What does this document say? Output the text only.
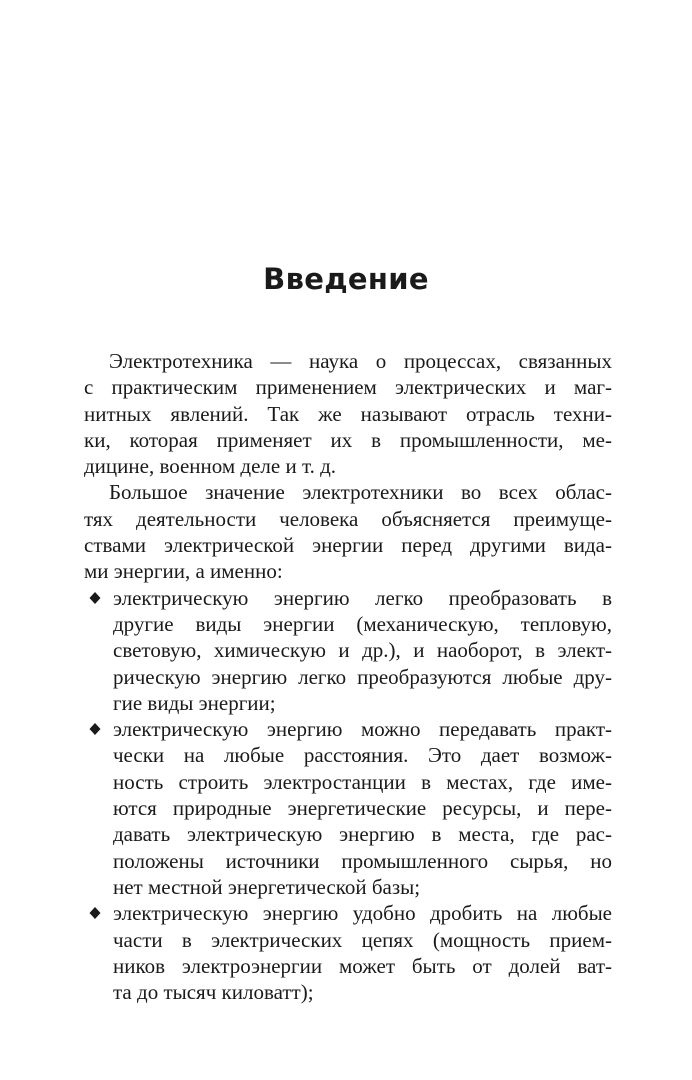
Введение
Электротехника — наука о процессах, связанных
с практическим применением электрических и маг-
нитных явлений. Так же называют отрасль техни-
ки, которая применяет их в промышленности, ме-
дицине, военном деле и т. д.
Большое значение электротехники во всех облас-
тях деятельности человека объясняется преимуще-
ствами электрической энергии перед другими вида-
ми энергии, а именно:
электрическую энергию легко преобразовать в
другие виды энергии (механическую, тепловую,
световую, химическую и др.), и наоборот, в элект-
рическую энергию легко преобразуются любые дру-
гие виды энергии;
электрическую энергию можно передавать практ-
чески на любые расстояния. Это дает возмож-
ность строить электростанции в местах, где име-
ются природные энергетические ресурсы, и пере-
давать электрическую энергию в места, где рас-
положены источники промышленного сырья, но
нет местной энергетической базы;
электрическую энергию удобно дробить на любые
части в электрических цепях (мощность прием-
ников электроэнергии может быть от долей ват-
та до тысяч киловатт);
